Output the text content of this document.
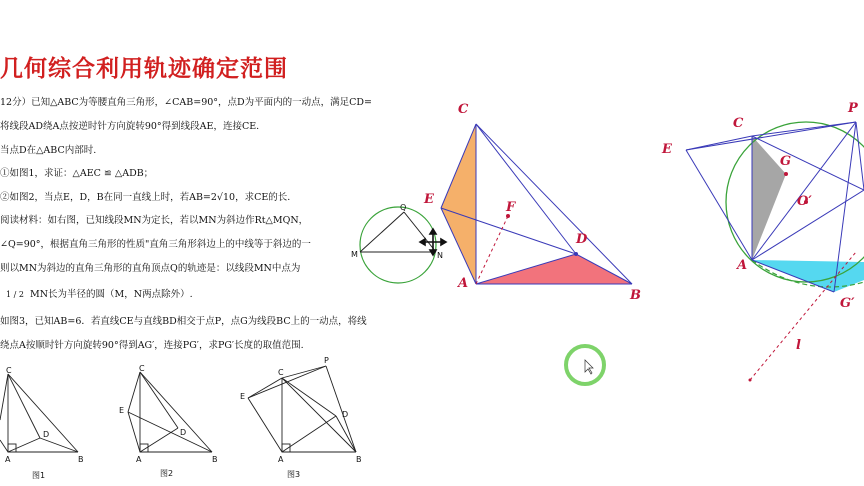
几何综合利用轨迹确定范围
12分）已知△ABC为等腰直角三角形，∠CAB=90°，点D为平面内的一动点，满足CD=
将线段AD绕A点按逆时针方向旋转90°得到线段AE，连接CE.
当点D在△ABC内部时.
①如图1，求证：△AEC ≌ △ADB；
②如图2，当点E，D，B在同一直线上时，若AB=2√10，求CE的长.
阅读材料：如右图，已知线段MN为定长，若以MN为斜边作Rt△MQN，
∠Q=90°，根据直角三角形的性质"直角三角形斜边上的中线等于斜边的一
则以MN为斜边的直角三角形的直角顶点Q的轨迹是：以线段MN中点为
1 / 2 MN长为半径的圆（M，N两点除外）.
如图3，已知AB=6．若直线CE与直线BD相交于点P，点G为线段BC上的一动点，将线
绕点A按顺时针方向旋转90°得到AG′，连接PG′，求PG′长度的取值范围.
Q
M	N
C
D
A	B
图1
C
E
D
A	B
图2
P
E
C
D
A	B
图3
C
E
F
D
A
B
C
P
E
G
O′
A
G′
l
